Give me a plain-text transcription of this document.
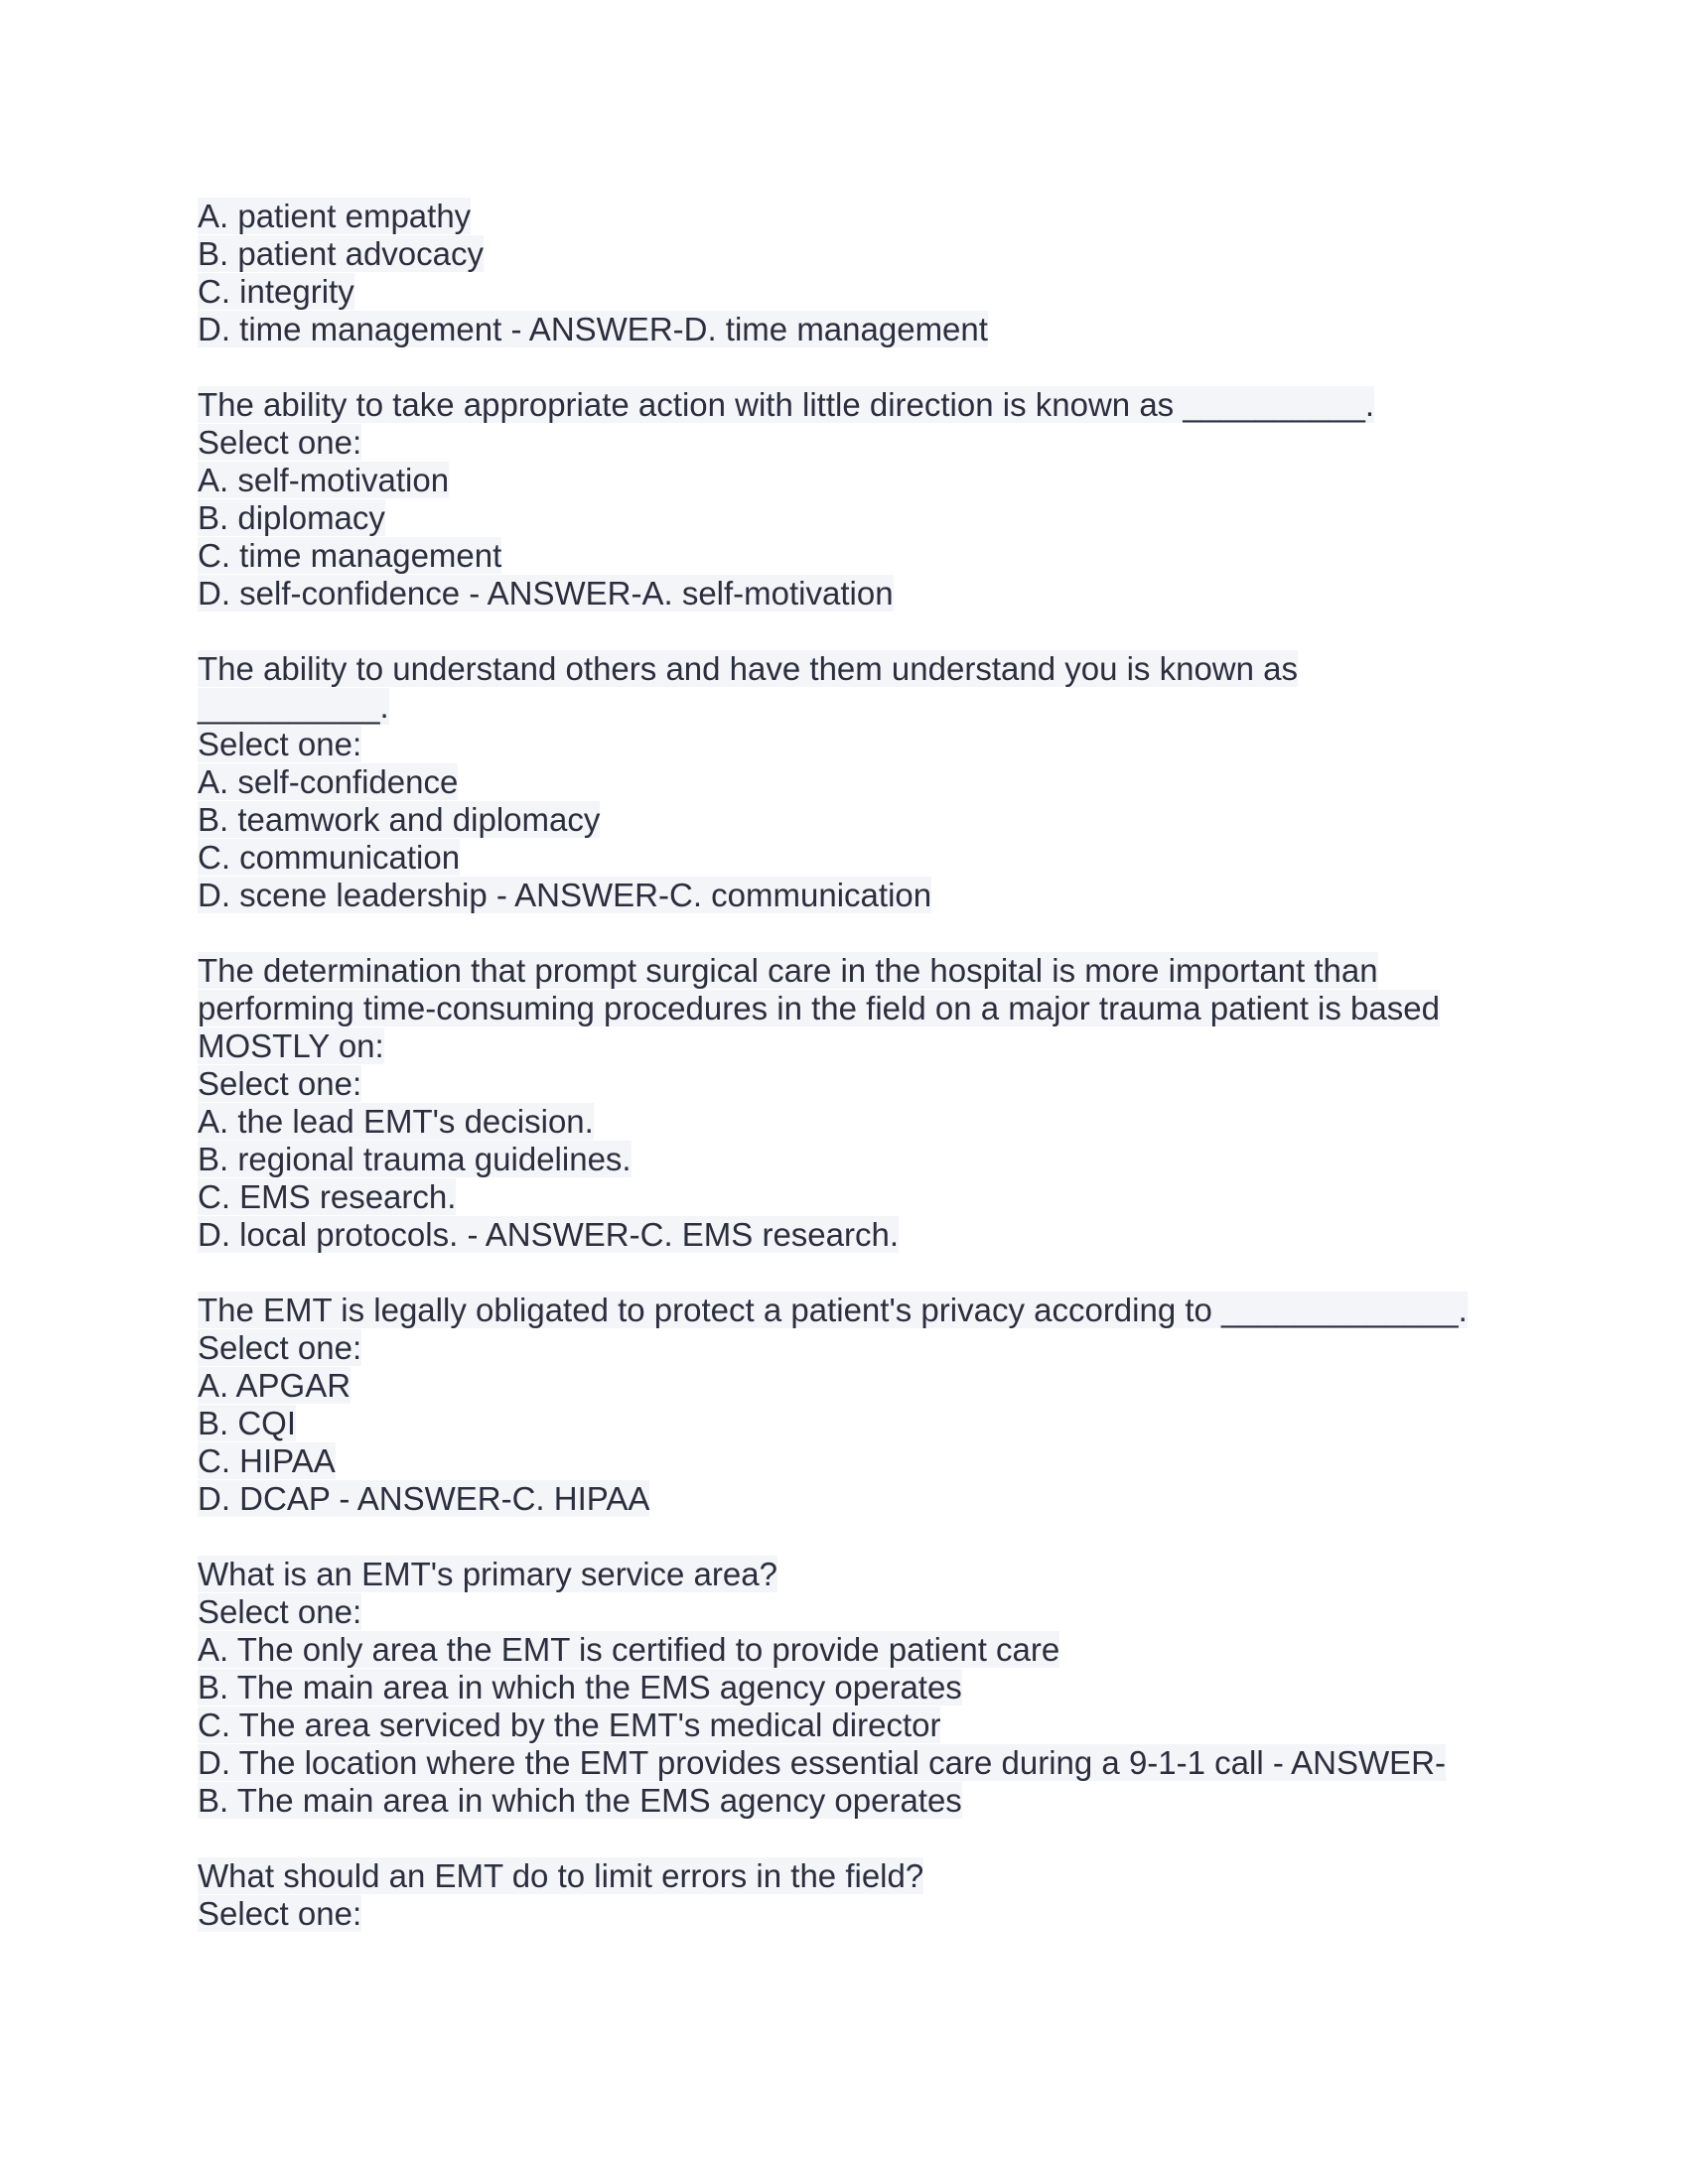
A. patient empathy
B. patient advocacy
C. integrity
D. time management - ANSWER-D. time management
The ability to take appropriate action with little direction is known as __________.
Select one:
A. self-motivation
B. diplomacy
C. time management
D. self-confidence - ANSWER-A. self-motivation
The ability to understand others and have them understand you is known as
__________.
Select one:
A. self-confidence
B. teamwork and diplomacy
C. communication
D. scene leadership - ANSWER-C. communication
The determination that prompt surgical care in the hospital is more important than
performing time-consuming procedures in the field on a major trauma patient is based
MOSTLY on:
Select one:
A. the lead EMT's decision.
B. regional trauma guidelines.
C. EMS research.
D. local protocols. - ANSWER-C. EMS research.
The EMT is legally obligated to protect a patient's privacy according to _____________.
Select one:
A. APGAR
B. CQI
C. HIPAA
D. DCAP - ANSWER-C. HIPAA
What is an EMT's primary service area?
Select one:
A. The only area the EMT is certified to provide patient care
B. The main area in which the EMS agency operates
C. The area serviced by the EMT's medical director
D. The location where the EMT provides essential care during a 9-1-1 call - ANSWER-
B. The main area in which the EMS agency operates
What should an EMT do to limit errors in the field?
Select one:
